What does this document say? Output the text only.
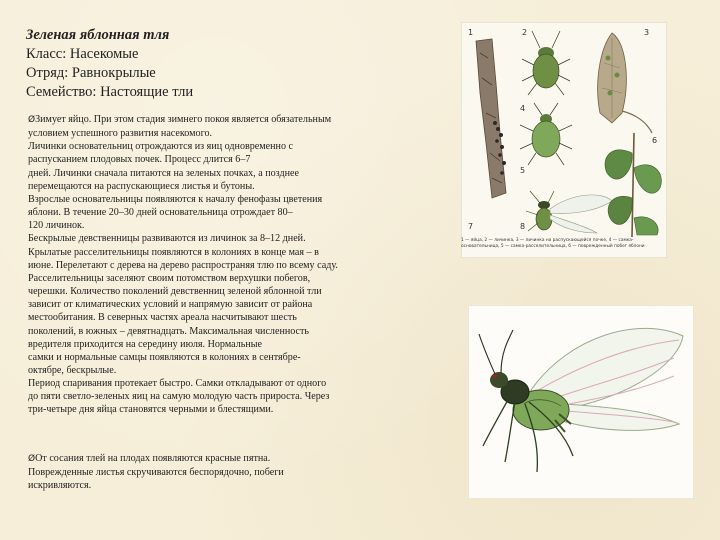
Зеленая яблонная тля
Класс: Насекомые
Отряд: Равнокрылые
Семейство: Настоящие тли
ØЗимует яйцо. При этом стадия зимнего покоя является обязательным
условием успешного развития насекомого.
Личинки основательниц отрождаются из яиц одновременно с
распусканием плодовых почек. Процесс длится 6–7
дней. Личинки сначала питаются на зеленых почках, а позднее
перемещаются на распускающиеся листья и бутоны.
Взрослые основательницы появляются к началу фенофазы цветения
яблони. В течение 20–30 дней основательница отрождает 80–
120 личинок.
Бескрылые девственницы развиваются из личинок за 8–12 дней.
Крылатые расселительницы появляются в колониях в конце мая – в
июне. Перелетают с дерева на дерево распространяя тлю по всему саду.
Расселительницы заселяют своим потомством верхушки побегов,
черешки. Количество поколений девственниц зеленой яблонной тли
зависит от климатических условий и напрямую зависит от района
местообитания. В северных частях ареала насчитывают шесть
поколений, в южных – девятнадцать. Максимальная численность
вредителя приходится на середину июля. Нормальные
самки и нормальные самцы появляются в колониях в сентябре-
октябре, бескрылые.
Период спаривания протекает быстро. Самки откладывают от одного
до пяти светло-зеленых яиц на самую молодую часть прироста. Через
три-четыре дня яйца становятся черными и блестящими.
ØОт сосания тлей на плодах появляются красные пятна.
Поврежденные листья скручиваются беспорядочно, побеги
искривляются.
1	2	3
4
5
6
7	8
1 — яйца, 2 — личинка, 3 — личинка на распускающейся почке, 4 — самка-основательница, 5 — самка-расселительница, 6 — поврежденный побег яблони
